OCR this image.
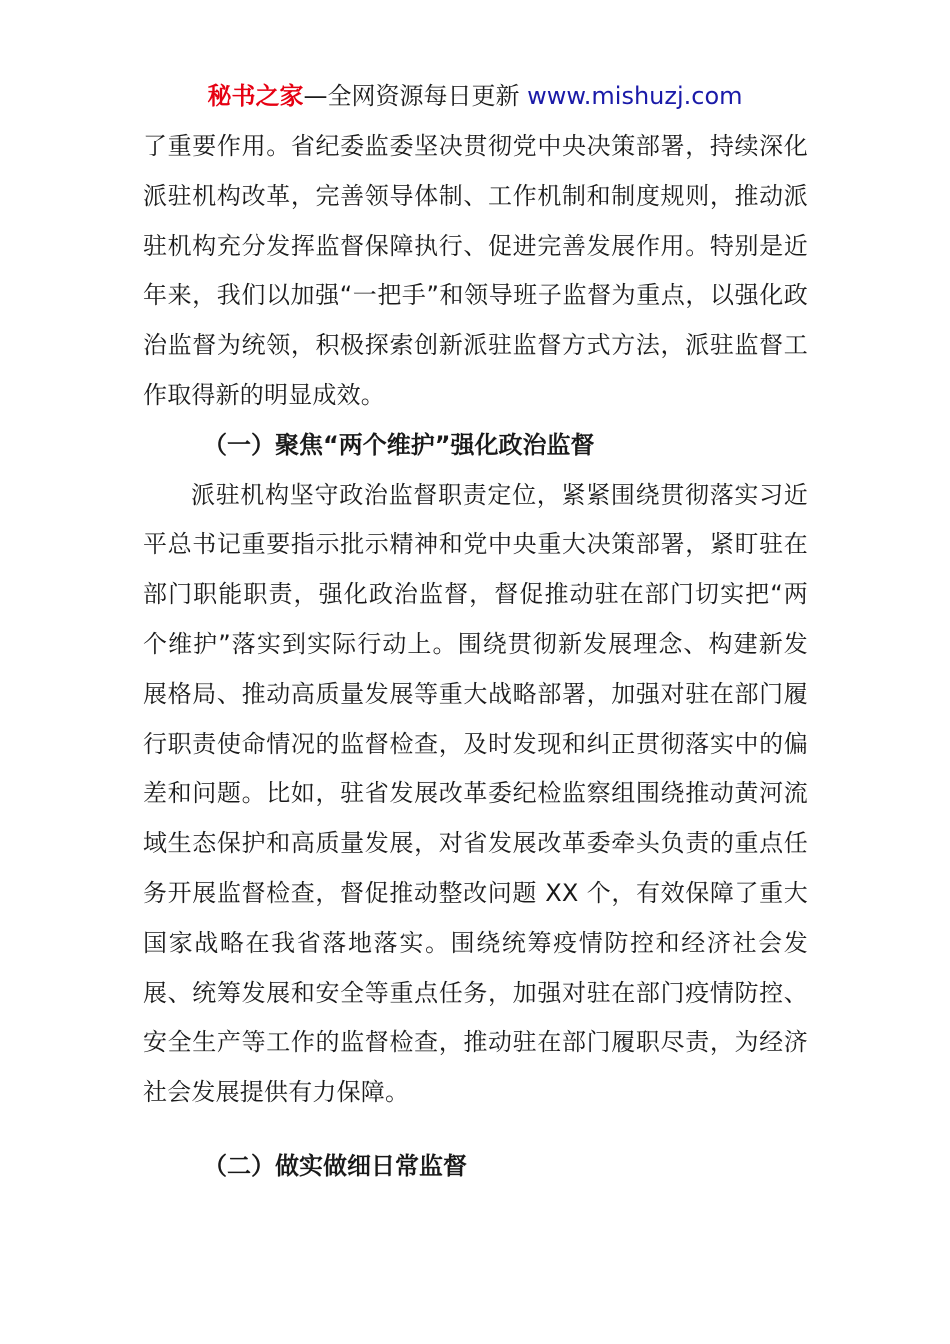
秘书之家—全网资源每日更新 www.mishuzj.com

了重要作用。省纪委监委坚决贯彻党中央决策部署，持续深化派驻机构改革，完善领导体制、工作机制和制度规则，推动派驻机构充分发挥监督保障执行、促进完善发展作用。特别是近年来，我们以加强“一把手”和领导班子监督为重点，以强化政治监督为统领，积极探索创新派驻监督方式方法，派驻监督工作取得新的明显成效。

（一）聚焦“两个维护”强化政治监督

派驻机构坚守政治监督职责定位，紧紧围绕贯彻落实习近平总书记重要指示批示精神和党中央重大决策部署，紧盯驻在部门职能职责，强化政治监督，督促推动驻在部门切实把“两个维护”落实到实际行动上。围绕贯彻新发展理念、构建新发展格局、推动高质量发展等重大战略部署，加强对驻在部门履行职责使命情况的监督检查，及时发现和纠正贯彻落实中的偏差和问题。比如，驻省发展改革委纪检监察组围绕推动黄河流域生态保护和高质量发展，对省发展改革委牵头负责的重点任务开展监督检查，督促推动整改问题 XX 个，有效保障了重大国家战略在我省落地落实。围绕统筹疫情防控和经济社会发展、统筹发展和安全等重点任务，加强对驻在部门疫情防控、安全生产等工作的监督检查，推动驻在部门履职尽责，为经济社会发展提供有力保障。

（二）做实做细日常监督
